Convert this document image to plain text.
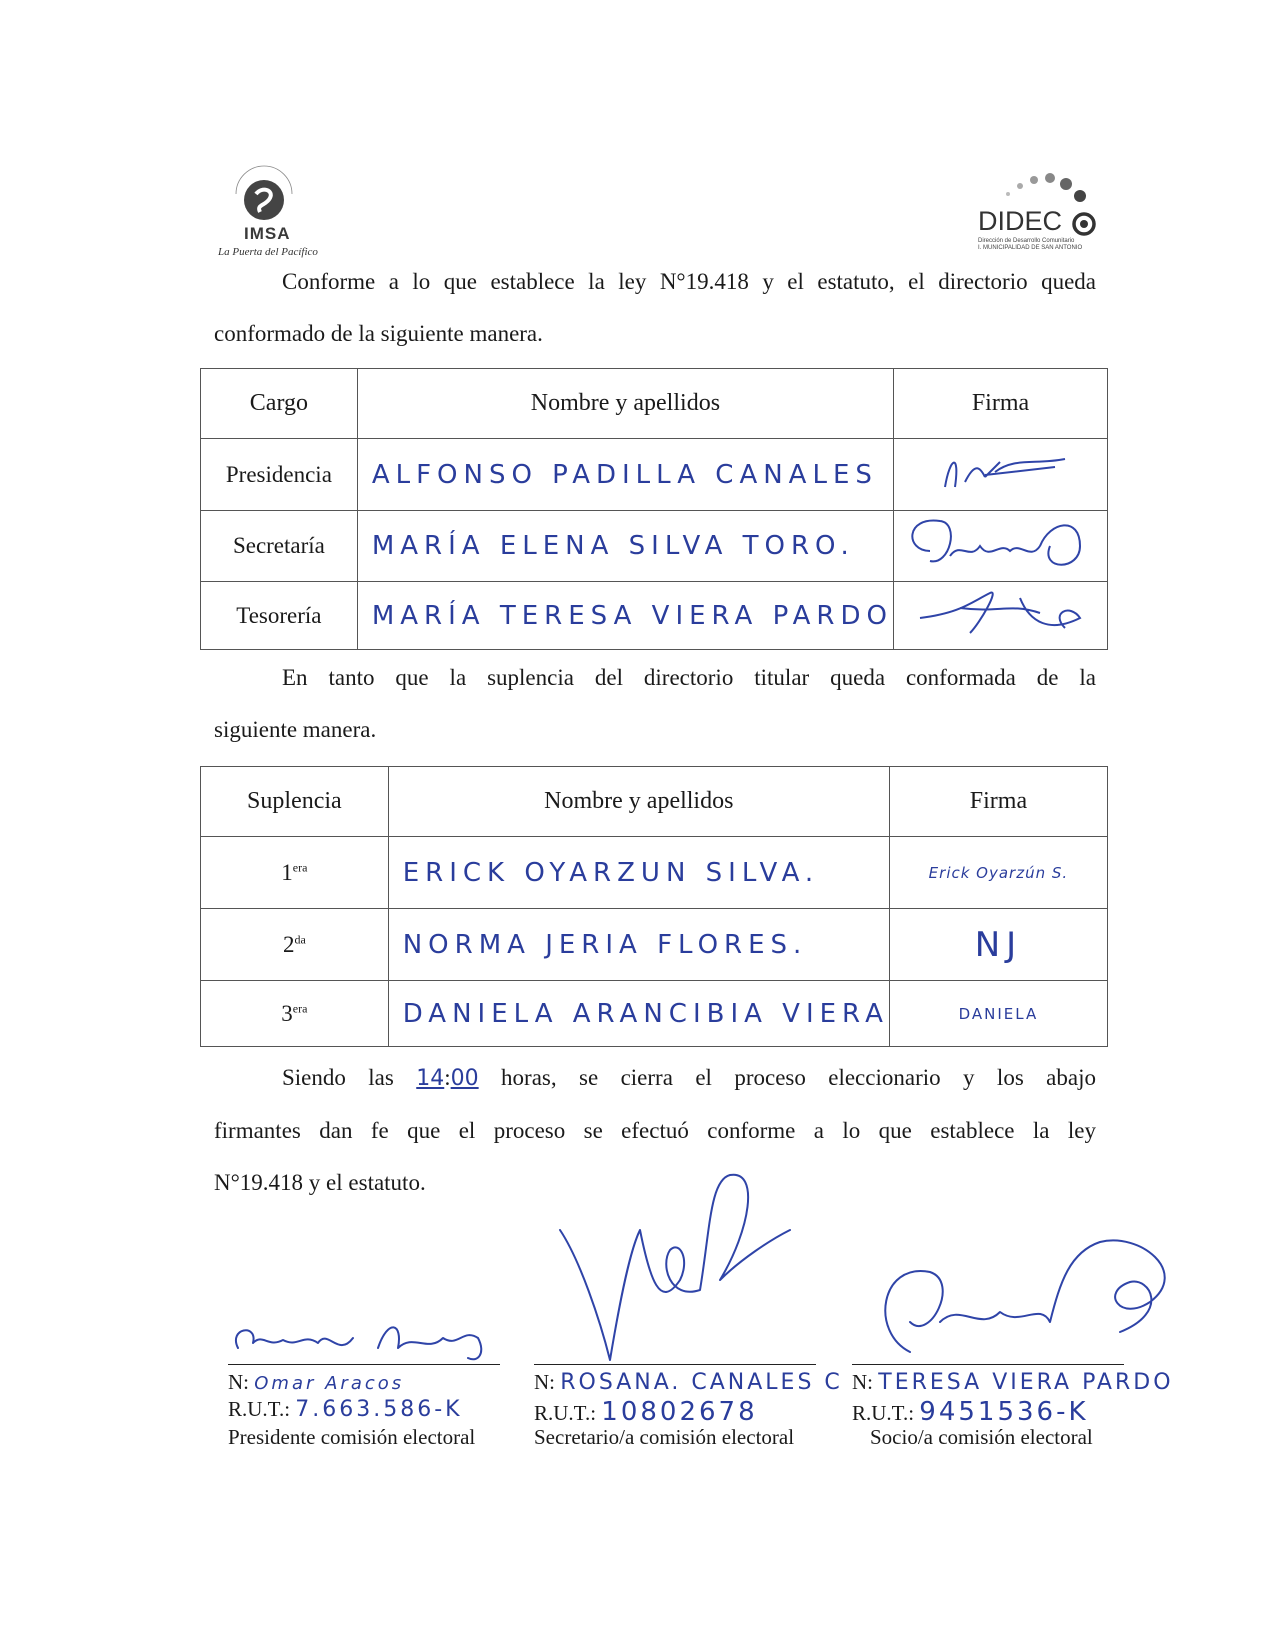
IMSA
La Puerta del Pacífico
DIDEC
Dirección de Desarrollo Comunitario
I. MUNICIPALIDAD DE SAN ANTONIO
Conforme a lo que establece la ley N°19.418 y el estatuto, el directorio queda
conformado de la siguiente manera.
Cargo	Nombre y apellidos	Firma
Presidencia	ALFONSO PADILLA CANALES	
Secretaría	MARÍA ELENA SILVA TORO.	
Tesorería	MARÍA TERESA VIERA PARDO	
En tanto que la suplencia del directorio titular queda conformada de la
siguiente manera.
Suplencia	Nombre y apellidos	Firma
$1^{era}$	ERICK OYARZUN SILVA.	Erick Oyarzún S.
$2^{da}$	NORMA JERIA FLORES.	NJ
$3^{era}$	DANIELA ARANCIBIA VIERA	DANIELA
Siendo las 14:00 horas, se cierra el proceso eleccionario y los abajo
firmantes dan fe que el proceso se efectuó conforme a lo que establece la ley
N°19.418 y el estatuto.
N: Omar Aracos
R.U.T.: 7.663.586-K
Presidente comisión electoral
N: ROSANA. CANALES C
R.U.T.: 10802678
Secretario/a comisión electoral
N: TERESA VIERA PARDO
R.U.T.: 9451536-K
Socio/a comisión electoral
